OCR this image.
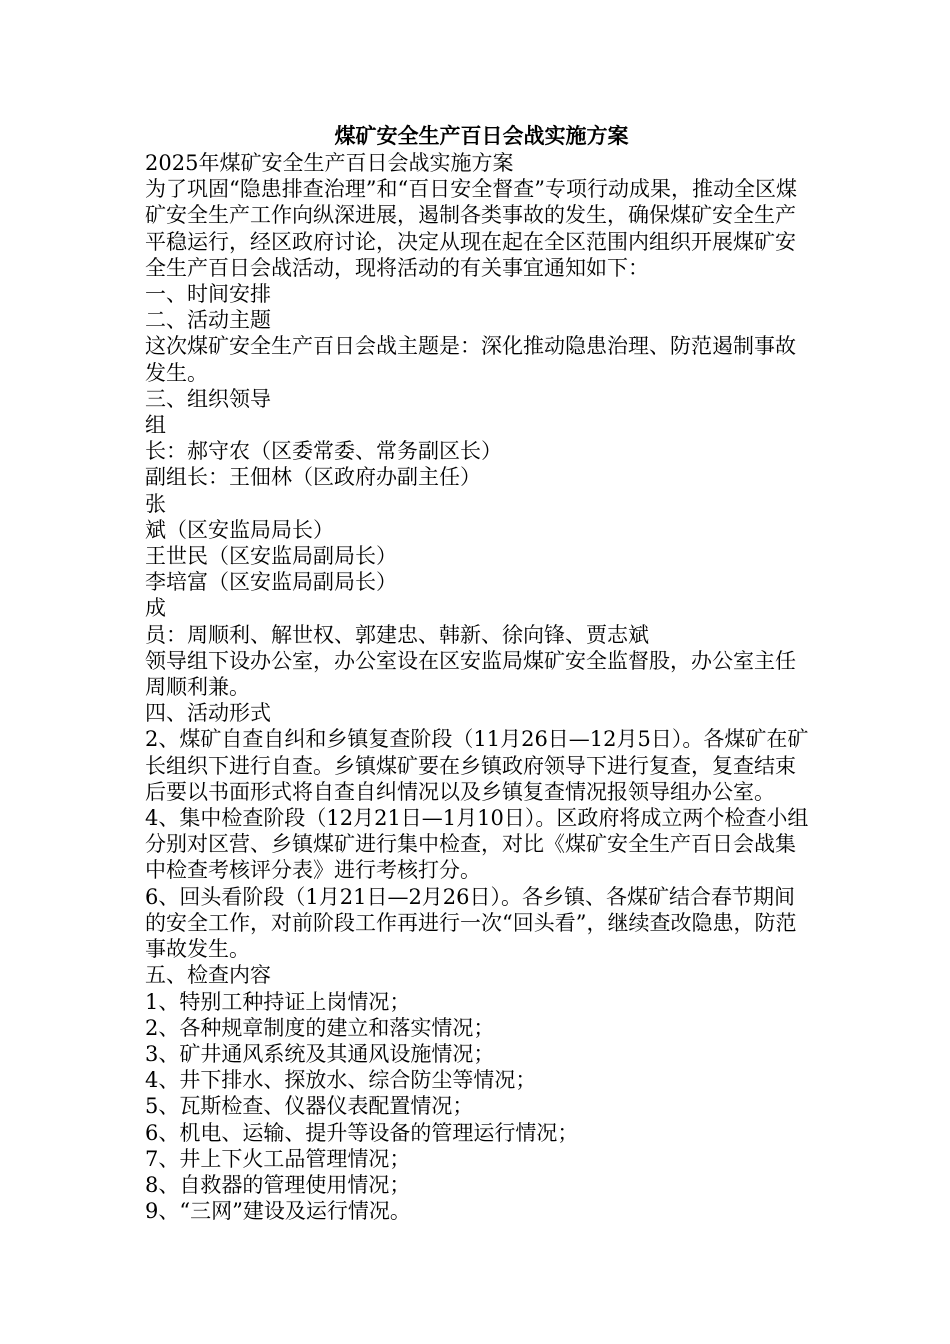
煤矿安全生产百日会战实施方案

2025年煤矿安全生产百日会战实施方案

为了巩固“隐患排查治理”和“百日安全督查”专项行动成果，推动全区煤矿安全生产工作向纵深进展，遏制各类事故的发生，确保煤矿安全生产平稳运行，经区政府讨论，决定从现在起在全区范围内组织开展煤矿安全生产百日会战活动，现将活动的有关事宜通知如下：

一、时间安排

二、活动主题

这次煤矿安全生产百日会战主题是：深化推动隐患治理、防范遏制事故发生。

三、组织领导

组

长：郝守农（区委常委、常务副区长）

副组长：王佃林（区政府办副主任）

张

斌（区安监局局长）

王世民（区安监局副局长）

李培富（区安监局副局长）

成

员：周顺利、解世权、郭建忠、韩新、徐向锋、贾志斌

领导组下设办公室，办公室设在区安监局煤矿安全监督股，办公室主任周顺利兼。

四、活动形式

2、煤矿自查自纠和乡镇复查阶段（11月26日—12月5日）。各煤矿在矿长组织下进行自查。乡镇煤矿要在乡镇政府领导下进行复查，复查结束后要以书面形式将自查自纠情况以及乡镇复查情况报领导组办公室。

4、集中检查阶段（12月21日—1月10日）。区政府将成立两个检查小组分别对区营、乡镇煤矿进行集中检查，对比《煤矿安全生产百日会战集中检查考核评分表》进行考核打分。

6、回头看阶段（1月21日—2月26日）。各乡镇、各煤矿结合春节期间的安全工作，对前阶段工作再进行一次“回头看”，继续查改隐患，防范事故发生。

五、检查内容

1、特别工种持证上岗情况；

2、各种规章制度的建立和落实情况；

3、矿井通风系统及其通风设施情况；

4、井下排水、探放水、综合防尘等情况；

5、瓦斯检查、仪器仪表配置情况；

6、机电、运输、提升等设备的管理运行情况；

7、井上下火工品管理情况；

8、自救器的管理使用情况；

9、“三网”建设及运行情况。
